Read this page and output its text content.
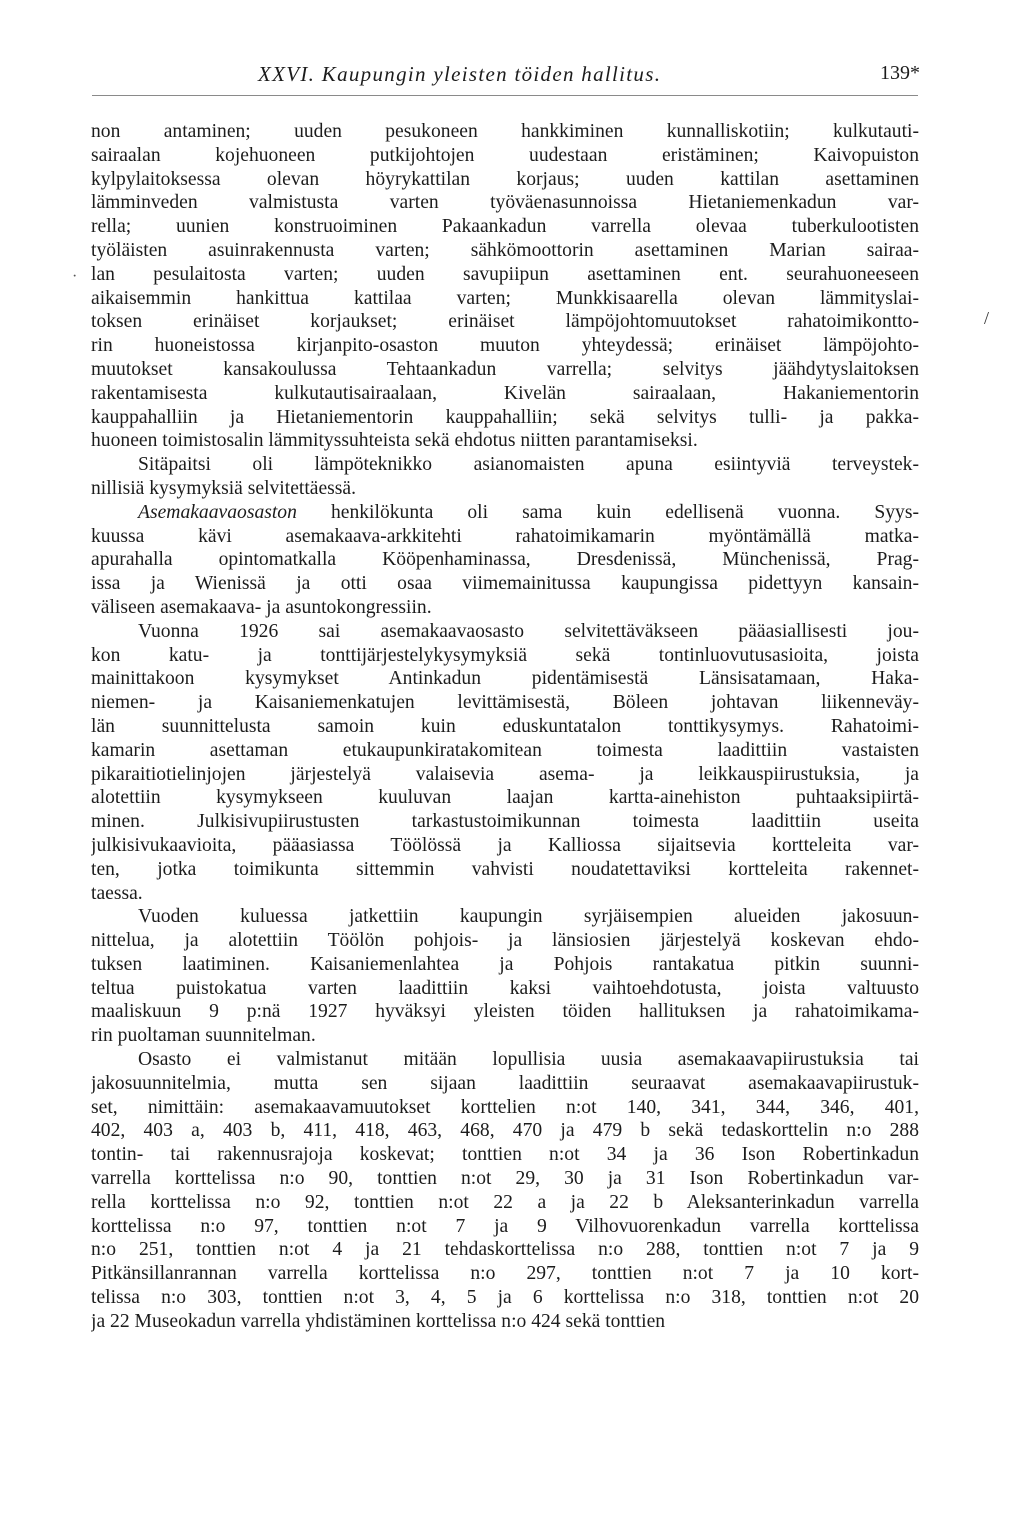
XXVI. Kaupungin yleisten töiden hallitus.	139*
/
·
non antaminen; uuden pesukoneen hankkiminen kunnalliskotiin; kulkutauti-
sairaalan kojehuoneen putkijohtojen uudestaan eristäminen; Kaivopuiston
kylpylaitoksessa olevan höyrykattilan korjaus; uuden kattilan asettaminen
lämminveden valmistusta varten työväenasunnoissa Hietaniemenkadun var-
rella; uunien konstruoiminen Pakaankadun varrella olevaa tuberkulootisten
työläisten asuinrakennusta varten; sähkömoottorin asettaminen Marian sairaa-
lan pesulaitosta varten; uuden savupiipun asettaminen ent. seurahuoneeseen
aikaisemmin hankittua kattilaa varten; Munkkisaarella olevan lämmityslai-
toksen erinäiset korjaukset; erinäiset lämpöjohtomuutokset rahatoimikontto-
rin huoneistossa kirjanpito-osaston muuton yhteydessä; erinäiset lämpöjohto-
muutokset kansakoulussa Tehtaankadun varrella; selvitys jäähdytyslaitoksen
rakentamisesta kulkutautisairaalaan, Kivelän sairaalaan, Hakaniementorin
kauppahalliin ja Hietaniementorin kauppahalliin; sekä selvitys tulli- ja pakka-
huoneen toimistosalin lämmityssuhteista sekä ehdotus niitten parantamiseksi.
Sitäpaitsi oli lämpöteknikko asianomaisten apuna esiintyviä terveystek-
nillisiä kysymyksiä selvitettäessä.
Asemakaavaosaston henkilökunta oli sama kuin edellisenä vuonna. Syys-
kuussa kävi asemakaava-arkkitehti rahatoimikamarin myöntämällä matka-
apurahalla opintomatkalla Kööpenhaminassa, Dresdenissä, Münchenissä, Prag-
issa ja Wienissä ja otti osaa viimemainitussa kaupungissa pidettyyn kansain-
väliseen asemakaava- ja asuntokongressiin.
Vuonna 1926 sai asemakaavaosasto selvitettäväkseen pääasiallisesti jou-
kon katu- ja tonttijärjestelykysymyksiä sekä tontinluovutusasioita, joista
mainittakoon kysymykset Antinkadun pidentämisestä Länsisatamaan, Haka-
niemen- ja Kaisaniemenkatujen levittämisestä, Böleen johtavan liikenneväy-
län suunnittelusta samoin kuin eduskuntatalon tonttikysymys. Rahatoimi-
kamarin asettaman etukaupunkiratakomitean toimesta laadittiin vastaisten
pikaraitiotielinjojen järjestelyä valaisevia asema- ja leikkauspiirustuksia, ja
alotettiin kysymykseen kuuluvan laajan kartta-ainehiston puhtaaksipiirtä-
minen. Julkisivupiirustusten tarkastustoimikunnan toimesta laadittiin useita
julkisivukaavioita, pääasiassa Töölössä ja Kalliossa sijaitsevia kortteleita var-
ten, jotka toimikunta sittemmin vahvisti noudatettaviksi kortteleita rakennet-
taessa.
Vuoden kuluessa jatkettiin kaupungin syrjäisempien alueiden jakosuun-
nittelua, ja alotettiin Töölön pohjois- ja länsiosien järjestelyä koskevan ehdo-
tuksen laatiminen. Kaisaniemenlahtea ja Pohjois rantakatua pitkin suunni-
teltua puistokatua varten laadittiin kaksi vaihtoehdotusta, joista valtuusto
maaliskuun 9 p:nä 1927 hyväksyi yleisten töiden hallituksen ja rahatoimikama-
rin puoltaman suunnitelman.
Osasto ei valmistanut mitään lopullisia uusia asemakaavapiirustuksia tai
jakosuunnitelmia, mutta sen sijaan laadittiin seuraavat asemakaavapiirustuk-
set, nimittäin: asemakaavamuutokset korttelien n:ot 140, 341, 344, 346, 401,
402, 403 a, 403 b, 411, 418, 463, 468, 470 ja 479 b sekä tedaskorttelin n:o 288
tontin- tai rakennusrajoja koskevat; tonttien n:ot 34 ja 36 Ison Robertinkadun
varrella korttelissa n:o 90, tonttien n:ot 29, 30 ja 31 Ison Robertinkadun var-
rella korttelissa n:o 92, tonttien n:ot 22 a ja 22 b Aleksanterinkadun varrella
korttelissa n:o 97, tonttien n:ot 7 ja 9 Vilhovuorenkadun varrella korttelissa
n:o 251, tonttien n:ot 4 ja 21 tehdaskorttelissa n:o 288, tonttien n:ot 7 ja 9
Pitkänsillanrannan varrella korttelissa n:o 297, tonttien n:ot 7 ja 10 kort-
telissa n:o 303, tonttien n:ot 3, 4, 5 ja 6 korttelissa n:o 318, tonttien n:ot 20
ja 22 Museokadun varrella yhdistäminen korttelissa n:o 424 sekä tonttien
